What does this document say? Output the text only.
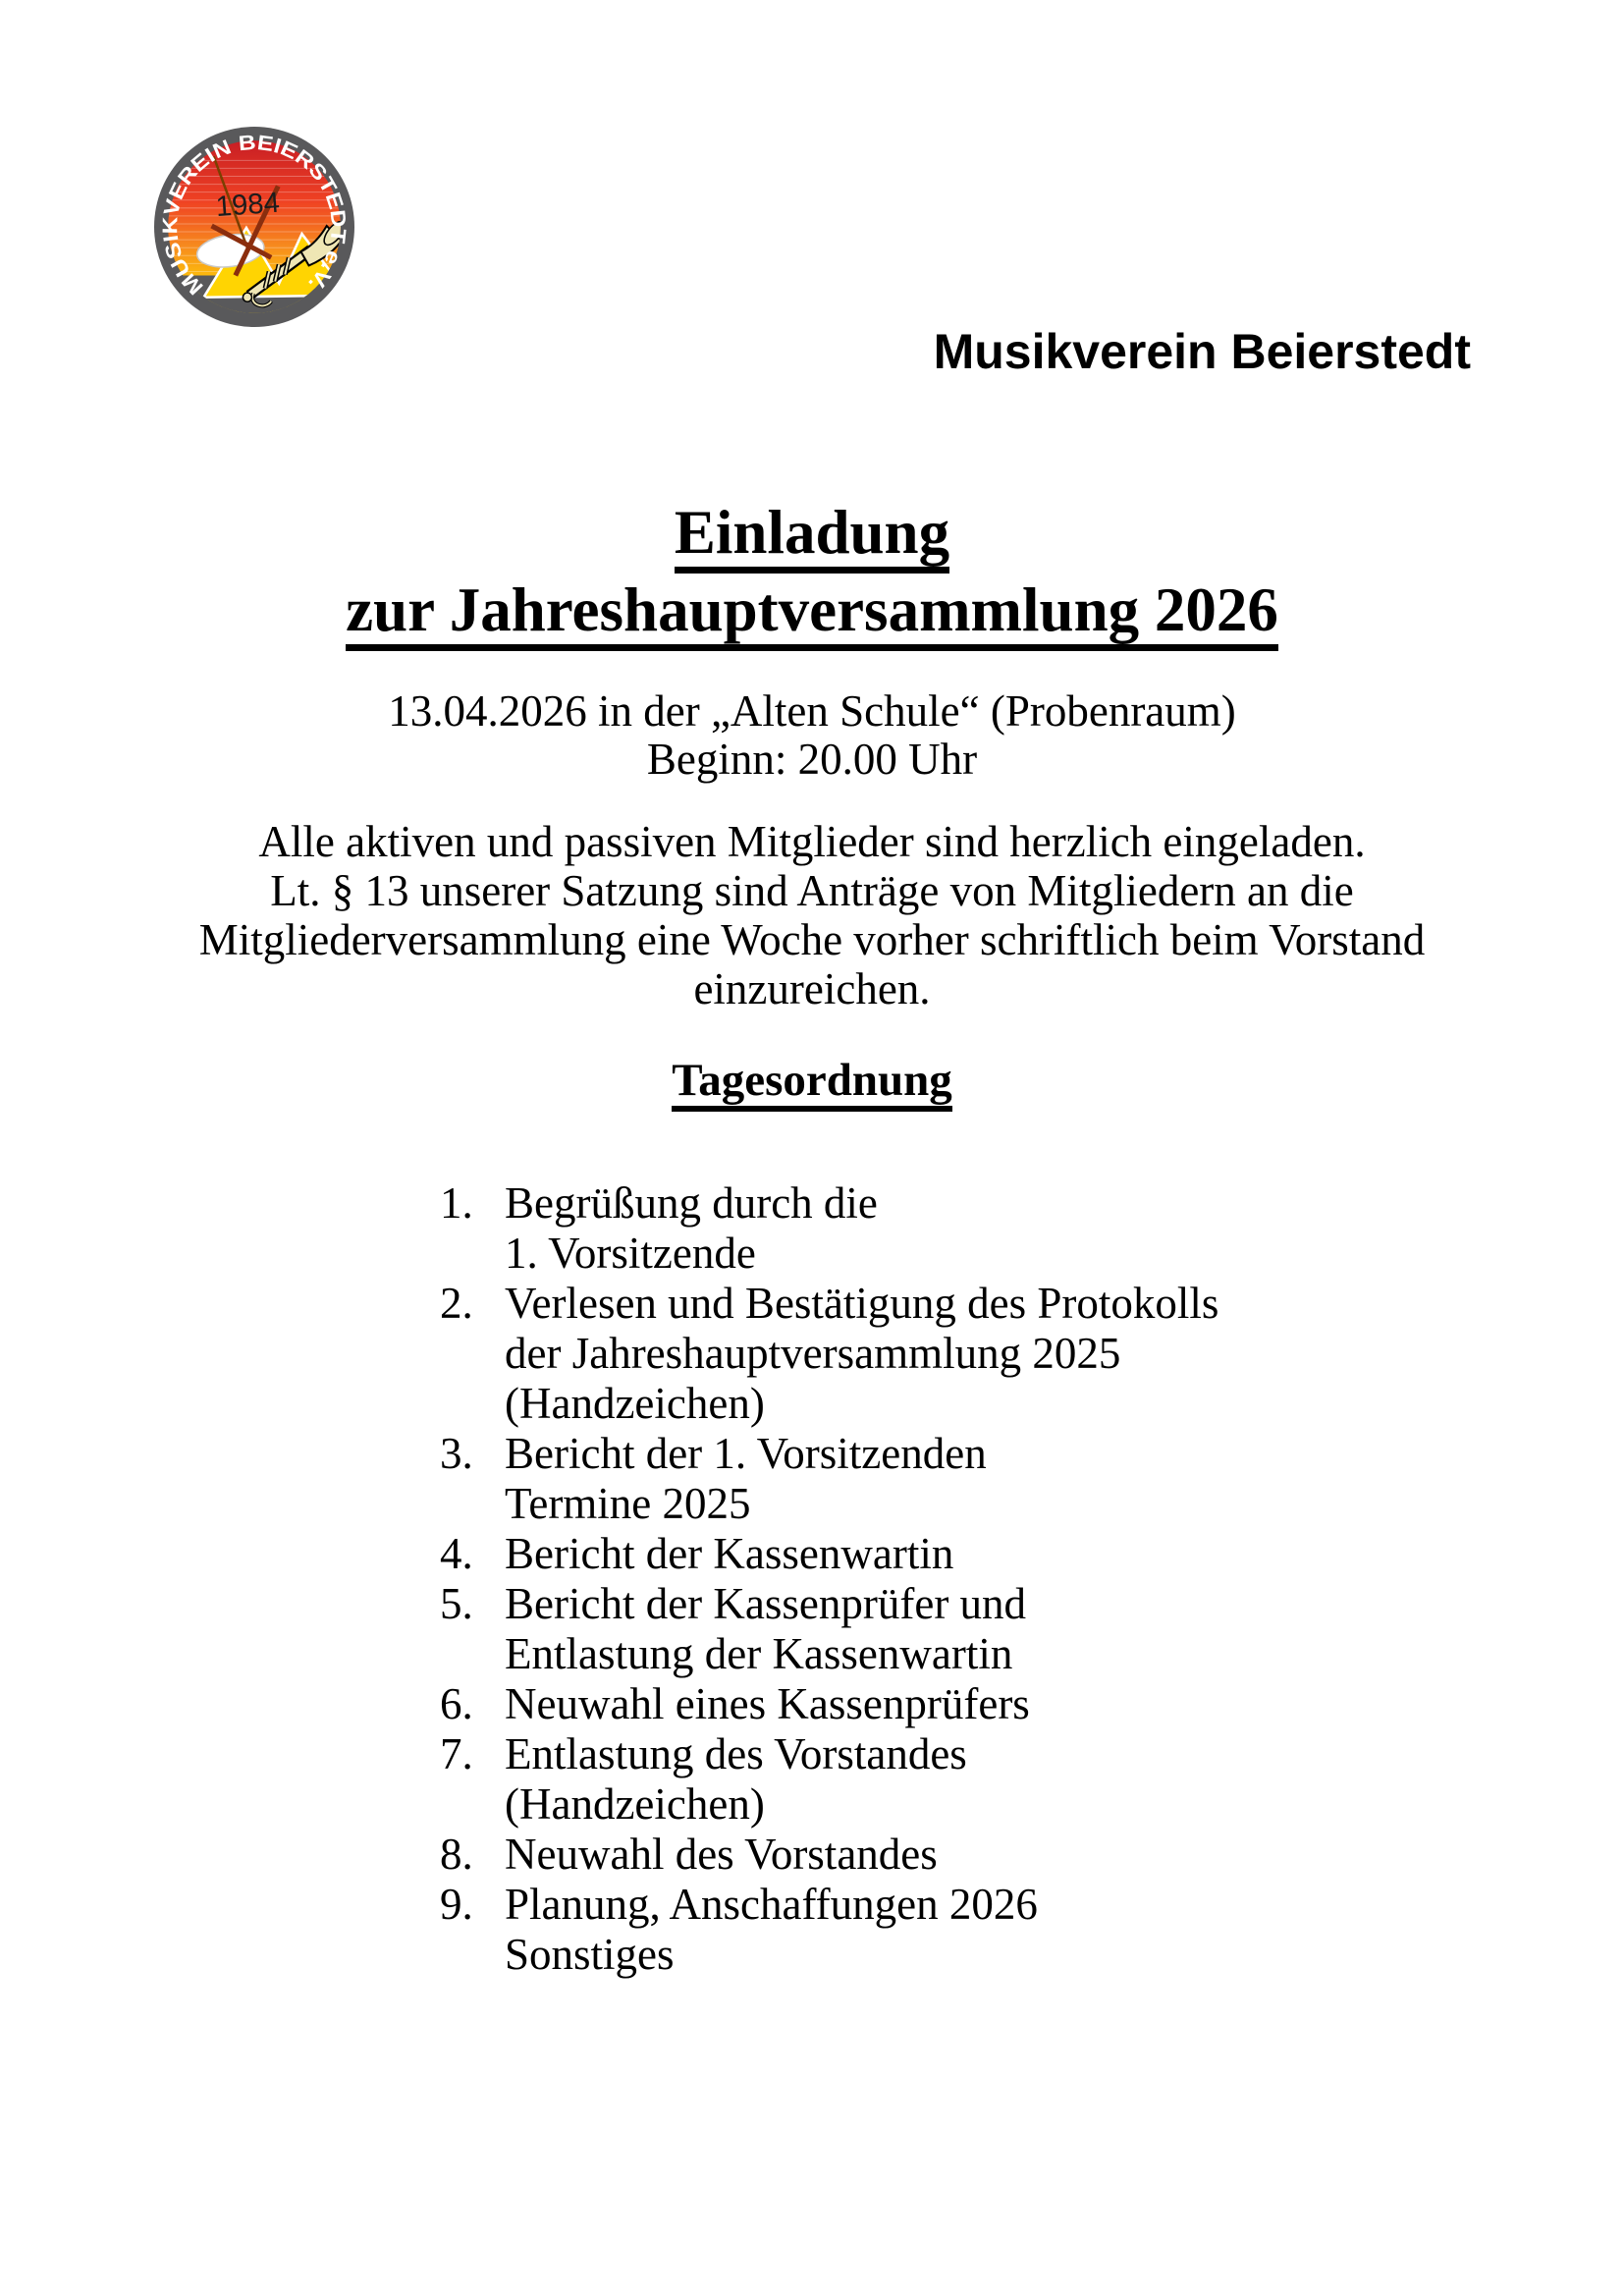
MUSIKVEREIN BEIERSTEDT e.V.
1984
Musikverein Beierstedt
Einladung
zur Jahreshauptversammlung 2026
13.04.2026 in der „Alten Schule“ (Probenraum)
Beginn: 20.00 Uhr
Alle aktiven und passiven Mitglieder sind herzlich eingeladen.
Lt. § 13 unserer Satzung sind Anträge von Mitgliedern an die
Mitgliederversammlung eine Woche vorher schriftlich beim Vorstand
einzureichen.
Tagesordnung
1. Begrüßung durch die
1. Vorsitzende
2. Verlesen und Bestätigung des Protokolls
der Jahreshauptversammlung 2025
(Handzeichen)
3. Bericht der 1. Vorsitzenden
Termine 2025
4. Bericht der Kassenwartin
5. Bericht der Kassenprüfer und
Entlastung der Kassenwartin
6. Neuwahl eines Kassenprüfers
7. Entlastung des Vorstandes
(Handzeichen)
8. Neuwahl des Vorstandes
9. Planung, Anschaffungen 2026
Sonstiges
